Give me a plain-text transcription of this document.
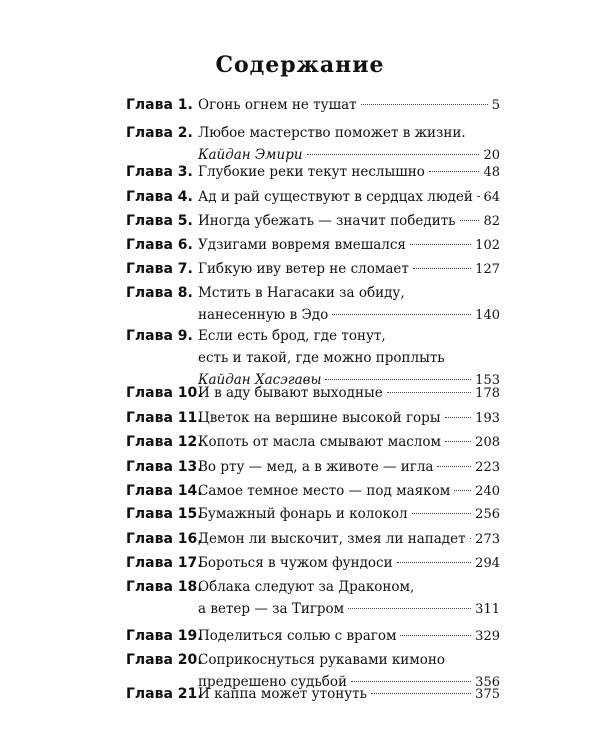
Содержание
Глава 1. Огонь огнем не тушат	5
Глава 2. Любое мастерство поможет в жизни.
Кайдан Эмири	20
Глава 3. Глубокие реки текут неслышно	48
Глава 4. Ад и рай существуют в сердцах людей 64
Глава 5. Иногда убежать — значит победить 82
Глава 6. Удзигами вовремя вмешался	102
Глава 7. Гибкую иву ветер не сломает	127
Глава 8. Мстить в Нагасаки за обиду,
нанесенную в Эдо	140
Глава 9. Если есть брод, где тонут,
есть и такой, где можно проплыть
Кайдан Хасэгавы	153
Глава 10.
И в аду бывают выходные	178
Глава 11.
Цветок на вершине высокой горы	193
Глава 12.
Копоть от масла смывают маслом	208
Глава 13.
Во рту — мед, а в животе — игла	223
Глава 14.
Самое темное место — под маяком 240
Глава 15.
Бумажный фонарь и колокол	256
Глава 16.
Демон ли выскочит, змея ли нападет 273
Глава 17.
Бороться в чужом фундоси	294
Глава 18.
Облака следуют за Драконом,
а ветер — за Тигром	311
Глава 19.
Поделиться солью с врагом	329
Глава 20.
Соприкоснуться рукавами кимоно
предрешено судьбой	356
Глава 21.
И каппа может утонуть	375
